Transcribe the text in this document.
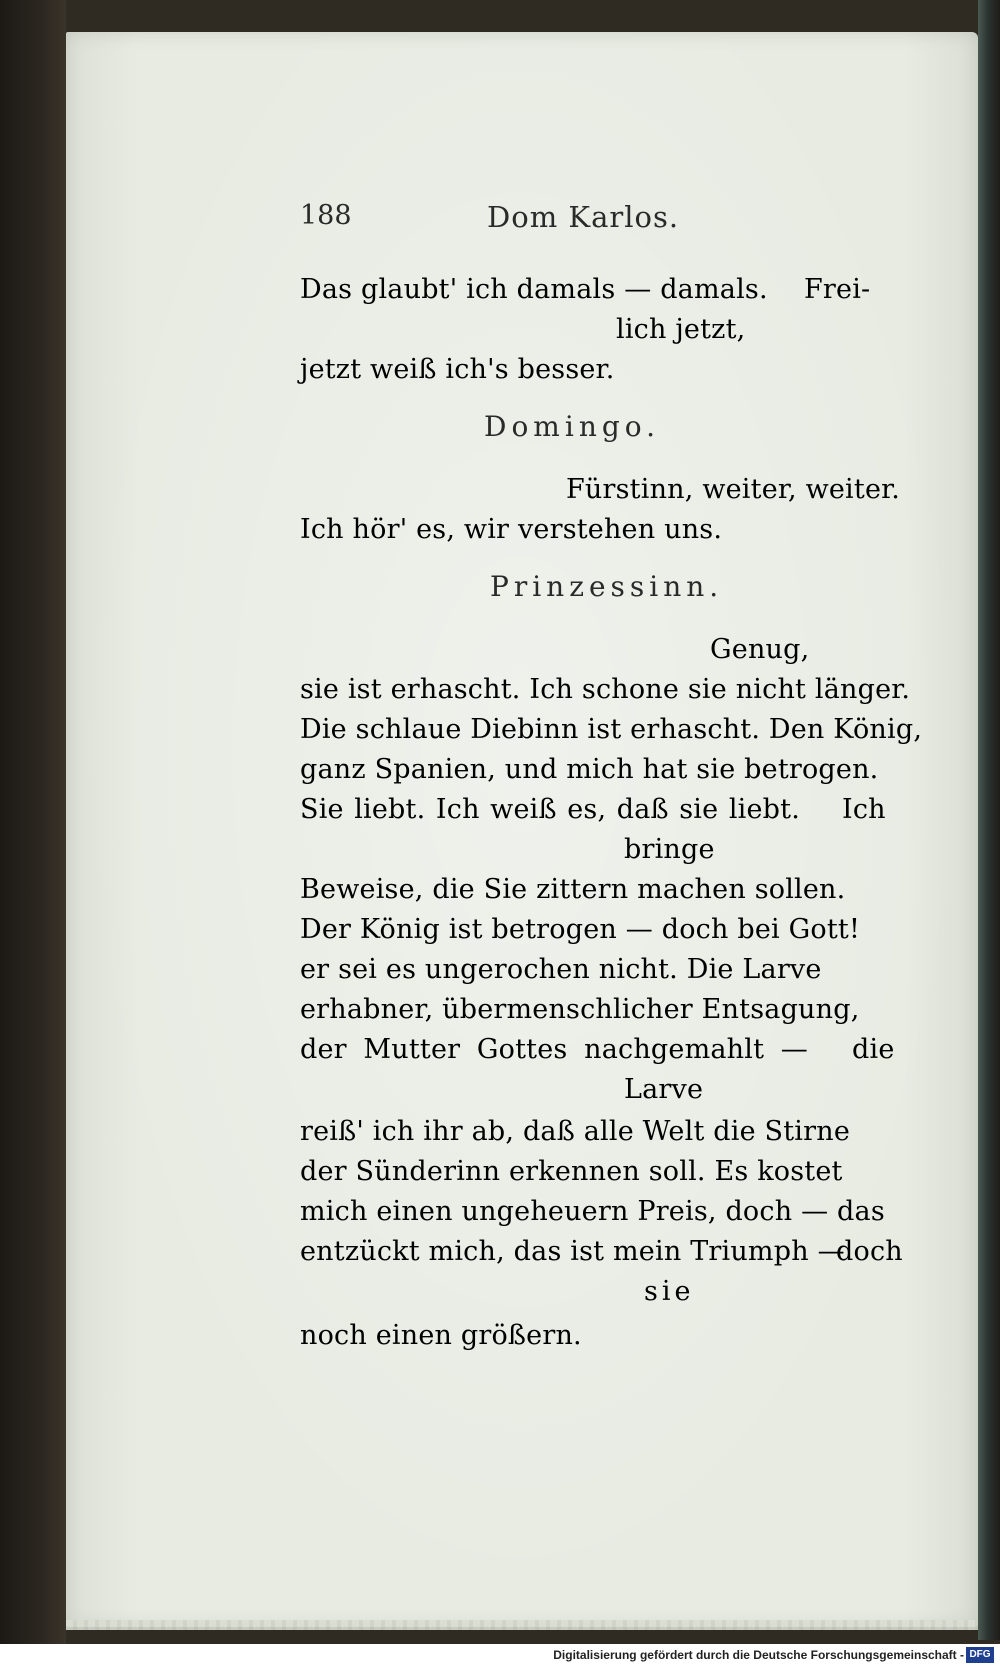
188	Dom Karlos.
Das glaubt' ich damals — damals. Frei-
lich jetzt,
jetzt weiß ich's besser.
Domingo.
Fürstinn, weiter, weiter.
Ich hör' es, wir verstehen uns.
Prinzessinn.
Genug,
sie ist erhascht. Ich schone sie nicht länger.
Die schlaue Diebinn ist erhascht. Den König,
ganz Spanien, und mich hat sie betrogen.
Sie liebt. Ich weiß es, daß sie liebt. Ich
bringe
Beweise, die Sie zittern machen sollen.
Der König ist betrogen — doch bei Gott!
er sei es ungerochen nicht. Die Larve
erhabner, übermenschlicher Entsagung,
der Mutter Gottes nachgemahlt — die
Larve
reiß' ich ihr ab, daß alle Welt die Stirne
der Sünderinn erkennen soll. Es kostet
mich einen ungeheuern Preis, doch — das
entzückt mich, das ist mein Triumph —
doch
sie
noch einen größern.
Digitalisierung gefördert durch die Deutsche Forschungsgemeinschaft - DFG
